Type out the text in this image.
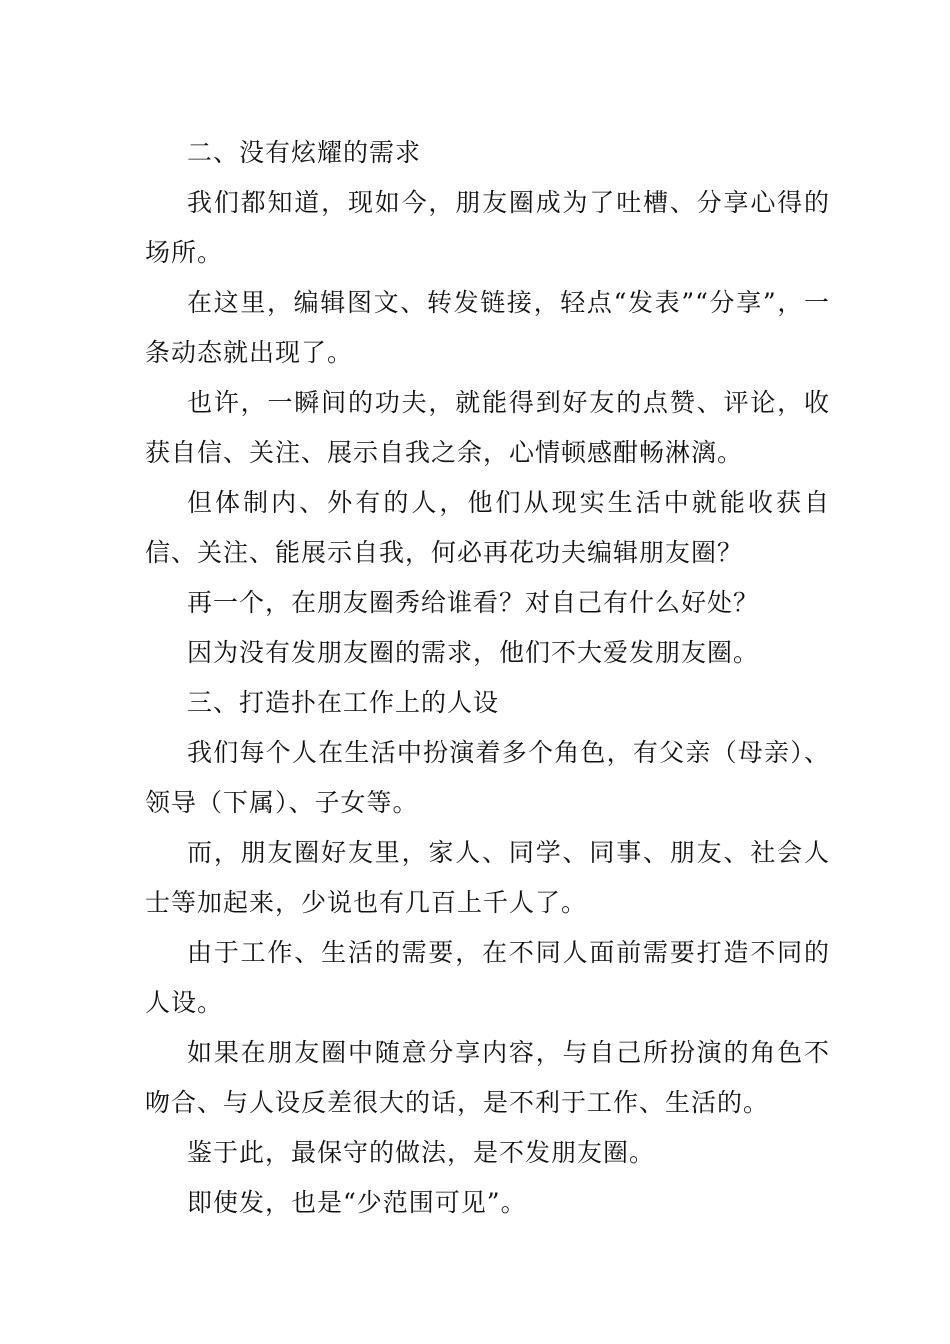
二、没有炫耀的需求

我们都知道，现如今，朋友圈成为了吐槽、分享心得的场所。

在这里，编辑图文、转发链接，轻点“发表”“分享”，一条动态就出现了。

也许，一瞬间的功夫，就能得到好友的点赞、评论，收获自信、关注、展示自我之余，心情顿感酣畅淋漓。

但体制内、外有的人，他们从现实生活中就能收获自信、关注、能展示自我，何必再花功夫编辑朋友圈？

再一个，在朋友圈秀给谁看？对自己有什么好处？

因为没有发朋友圈的需求，他们不大爱发朋友圈。

三、打造扑在工作上的人设

我们每个人在生活中扮演着多个角色，有父亲（母亲）、领导（下属）、子女等。

而，朋友圈好友里，家人、同学、同事、朋友、社会人士等加起来，少说也有几百上千人了。

由于工作、生活的需要，在不同人面前需要打造不同的人设。

如果在朋友圈中随意分享内容，与自己所扮演的角色不吻合、与人设反差很大的话，是不利于工作、生活的。

鉴于此，最保守的做法，是不发朋友圈。

即使发，也是“少范围可见”。
